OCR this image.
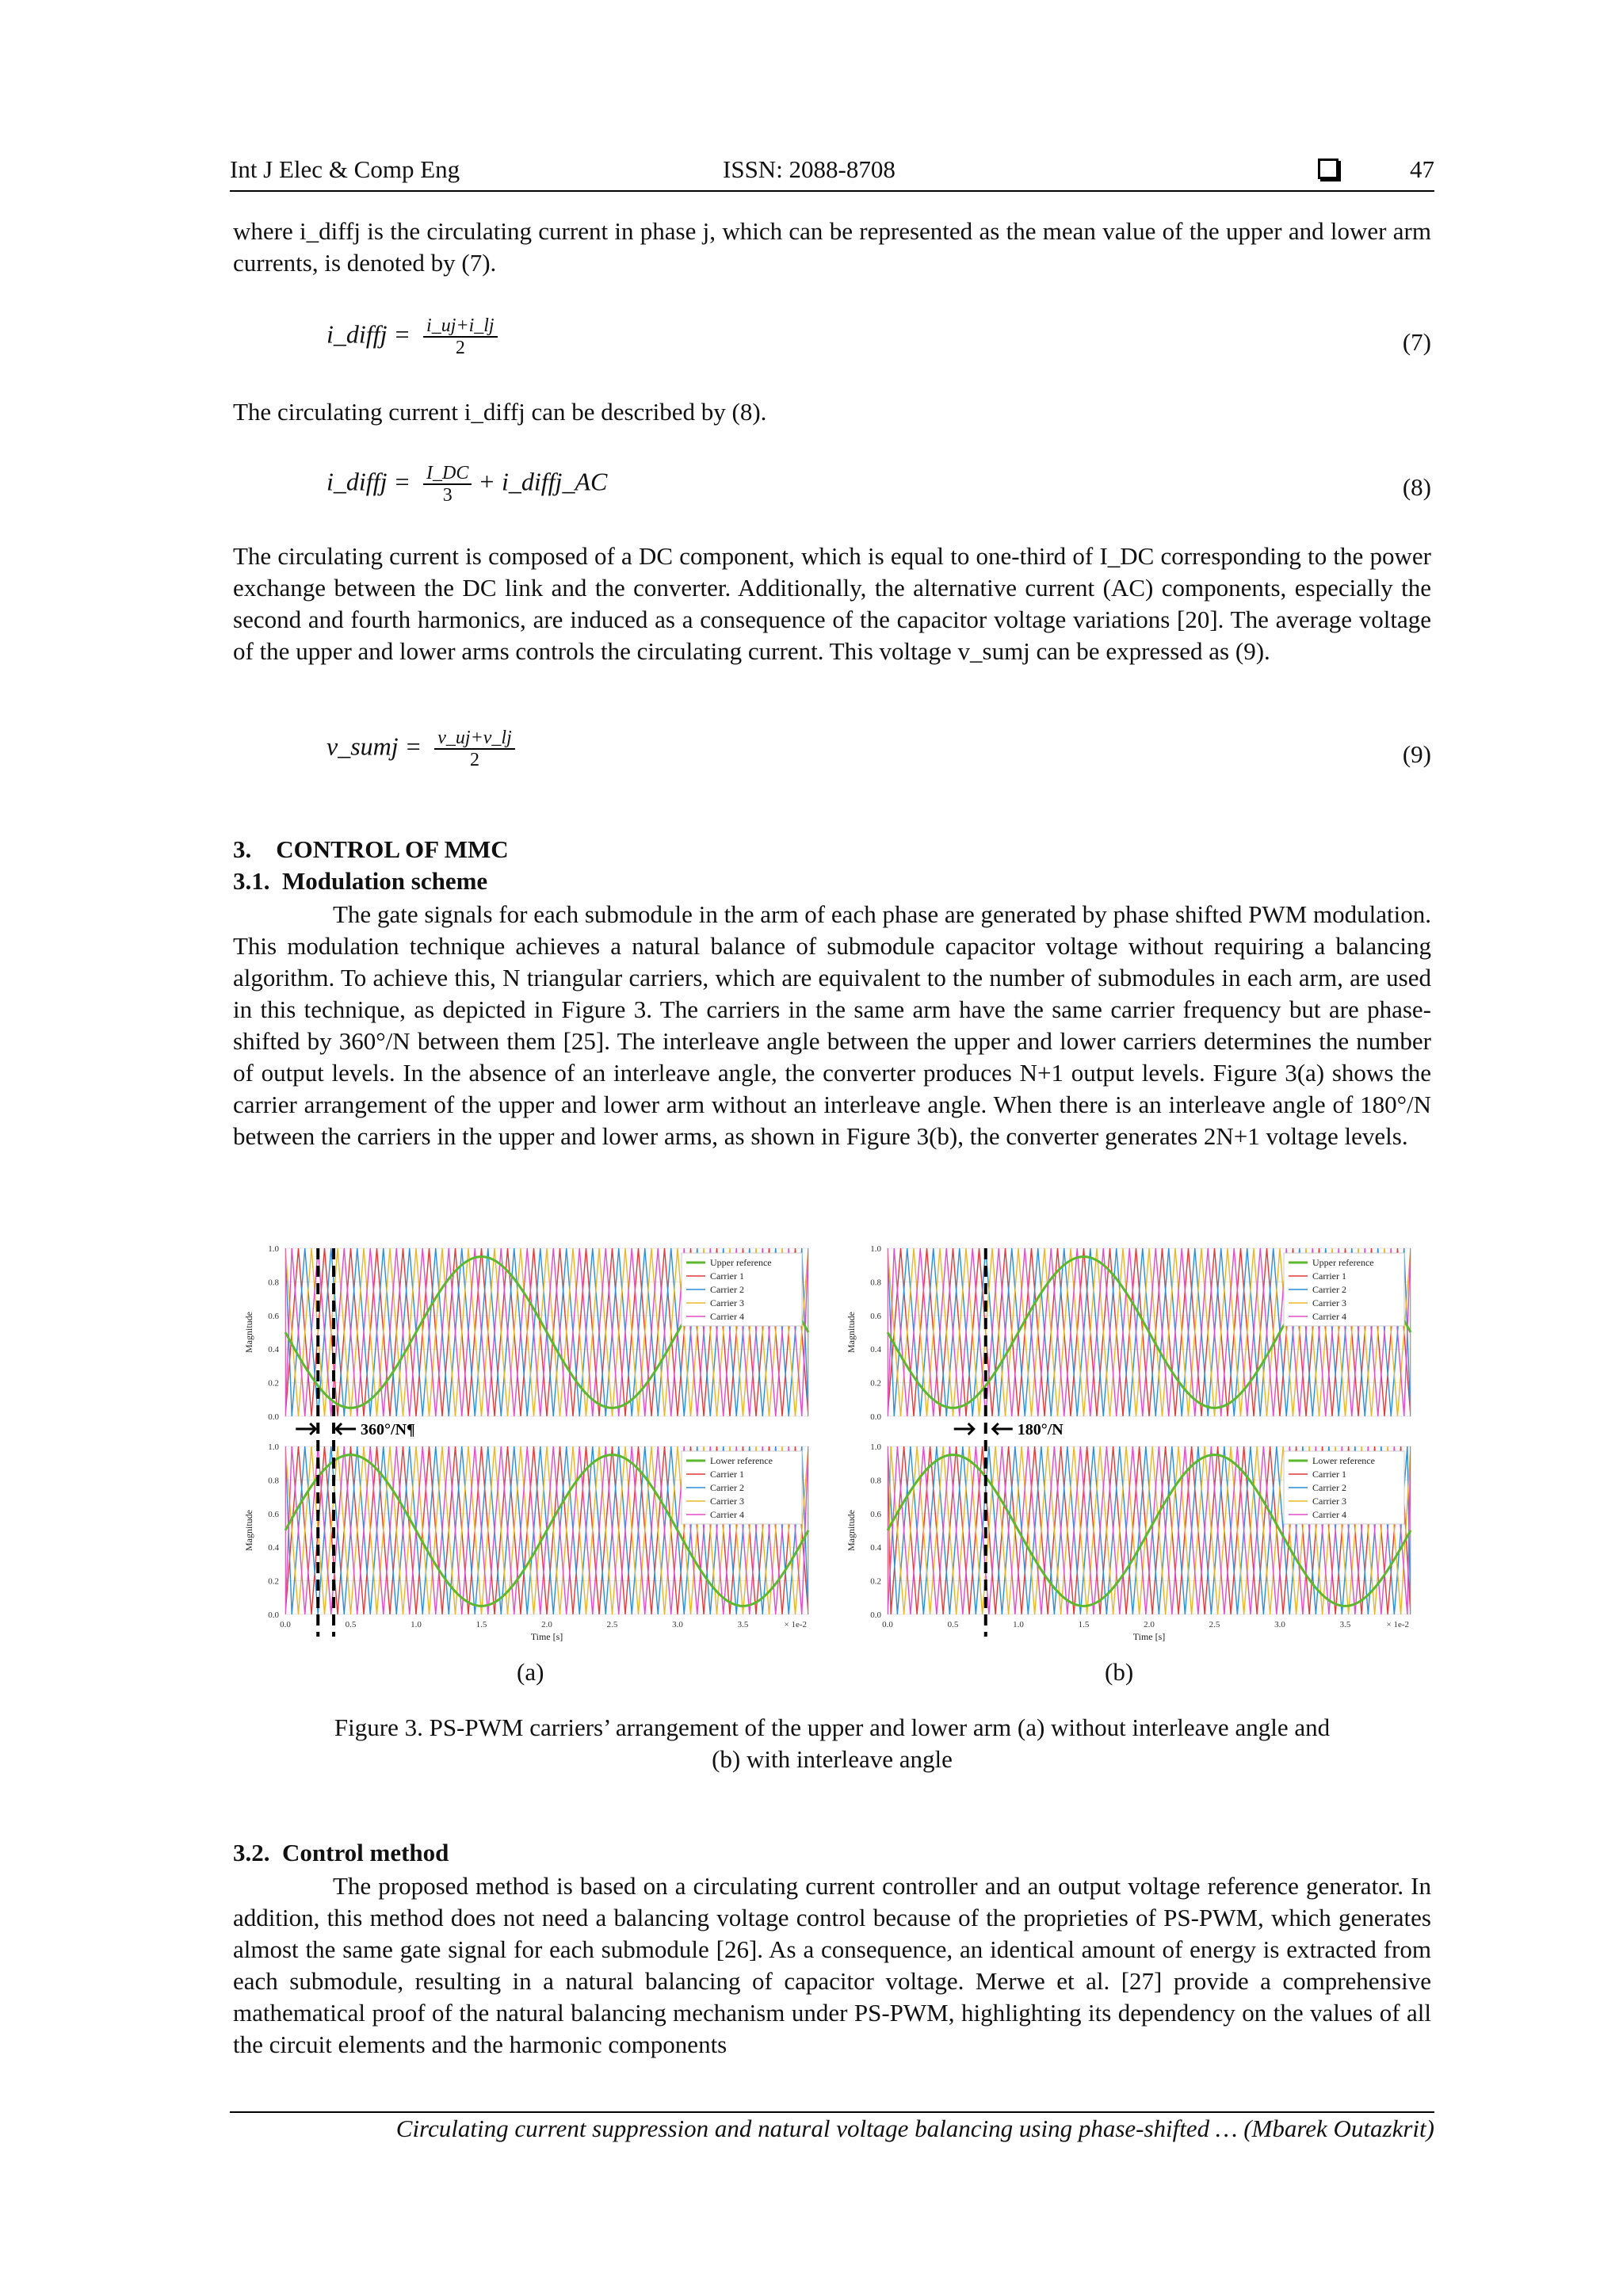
Int J Elec & Comp Eng	ISSN: 2088-8708	47
where i_diffj is the circulating current in phase j, which can be represented as the mean value of the upper and lower arm currents, is denoted by (7).
i_diffj = $\frac{i\_uj+i\_lj}{2}$	(7)
The circulating current i_diffj can be described by (8).
i_diffj = $\frac{I\_DC}{3}$ + i_diffj_AC	(8)
The circulating current is composed of a DC component, which is equal to one-third of I_DC corresponding to the power exchange between the DC link and the converter. Additionally, the alternative current (AC) components, especially the second and fourth harmonics, are induced as a consequence of the capacitor voltage variations [20]. The average voltage of the upper and lower arms controls the circulating current. This voltage v_sumj can be expressed as (9).
v_sumj = $\frac{v\_uj+v\_lj}{2}$	(9)
3.    CONTROL OF MMC
3.1.  Modulation scheme
The gate signals for each submodule in the arm of each phase are generated by phase shifted PWM modulation. This modulation technique achieves a natural balance of submodule capacitor voltage without requiring a balancing algorithm. To achieve this, N triangular carriers, which are equivalent to the number of submodules in each arm, are used in this technique, as depicted in Figure 3. The carriers in the same arm have the same carrier frequency but are phase-shifted by 360°/N between them [25]. The interleave angle between the upper and lower carriers determines the number of output levels. In the absence of an interleave angle, the converter produces N+1 output levels. Figure 3(a) shows the carrier arrangement of the upper and lower arm without an interleave angle. When there is an interleave angle of 180°/N between the carriers in the upper and lower arms, as shown in Figure 3(b), the converter generates 2N+1 voltage levels.
0.0
0.2
0.4
0.6
0.8
1.0
Upper reference
Carrier 1
Carrier 2
Carrier 3
Carrier 4
Magnitude
0.0
0.2
0.4
0.6
0.8
1.0
Lower reference
Carrier 1
Carrier 2
Carrier 3
Carrier 4
Magnitude
0.0	0.5	1.0	1.5	2.0	2.5	3.0	3.5	× 1e-2
Time [s]
0.0
0.2
0.4
0.6
0.8
1.0
Upper reference
Carrier 1
Carrier 2
Carrier 3
Carrier 4
Magnitude
0.0
0.2
0.4
0.6
0.8
1.0
Lower reference
Carrier 1
Carrier 2
Carrier 3
Carrier 4
Magnitude
0.0	0.5	1.0	1.5	2.0	2.5	3.0	3.5	× 1e-2
Time [s]
360°/N¶	180°/N
(a)	(b)
Figure 3. PS-PWM carriers’ arrangement of the upper and lower arm (a) without interleave angle and
(b) with interleave angle
3.2.  Control method
The proposed method is based on a circulating current controller and an output voltage reference generator. In addition, this method does not need a balancing voltage control because of the proprieties of PS-PWM, which generates almost the same gate signal for each submodule [26]. As a consequence, an identical amount of energy is extracted from each submodule, resulting in a natural balancing of capacitor voltage. Merwe et al. [27] provide a comprehensive mathematical proof of the natural balancing mechanism under PS-PWM, highlighting its dependency on the values of all the circuit elements and the harmonic components
Circulating current suppression and natural voltage balancing using phase-shifted … (Mbarek Outazkrit)
